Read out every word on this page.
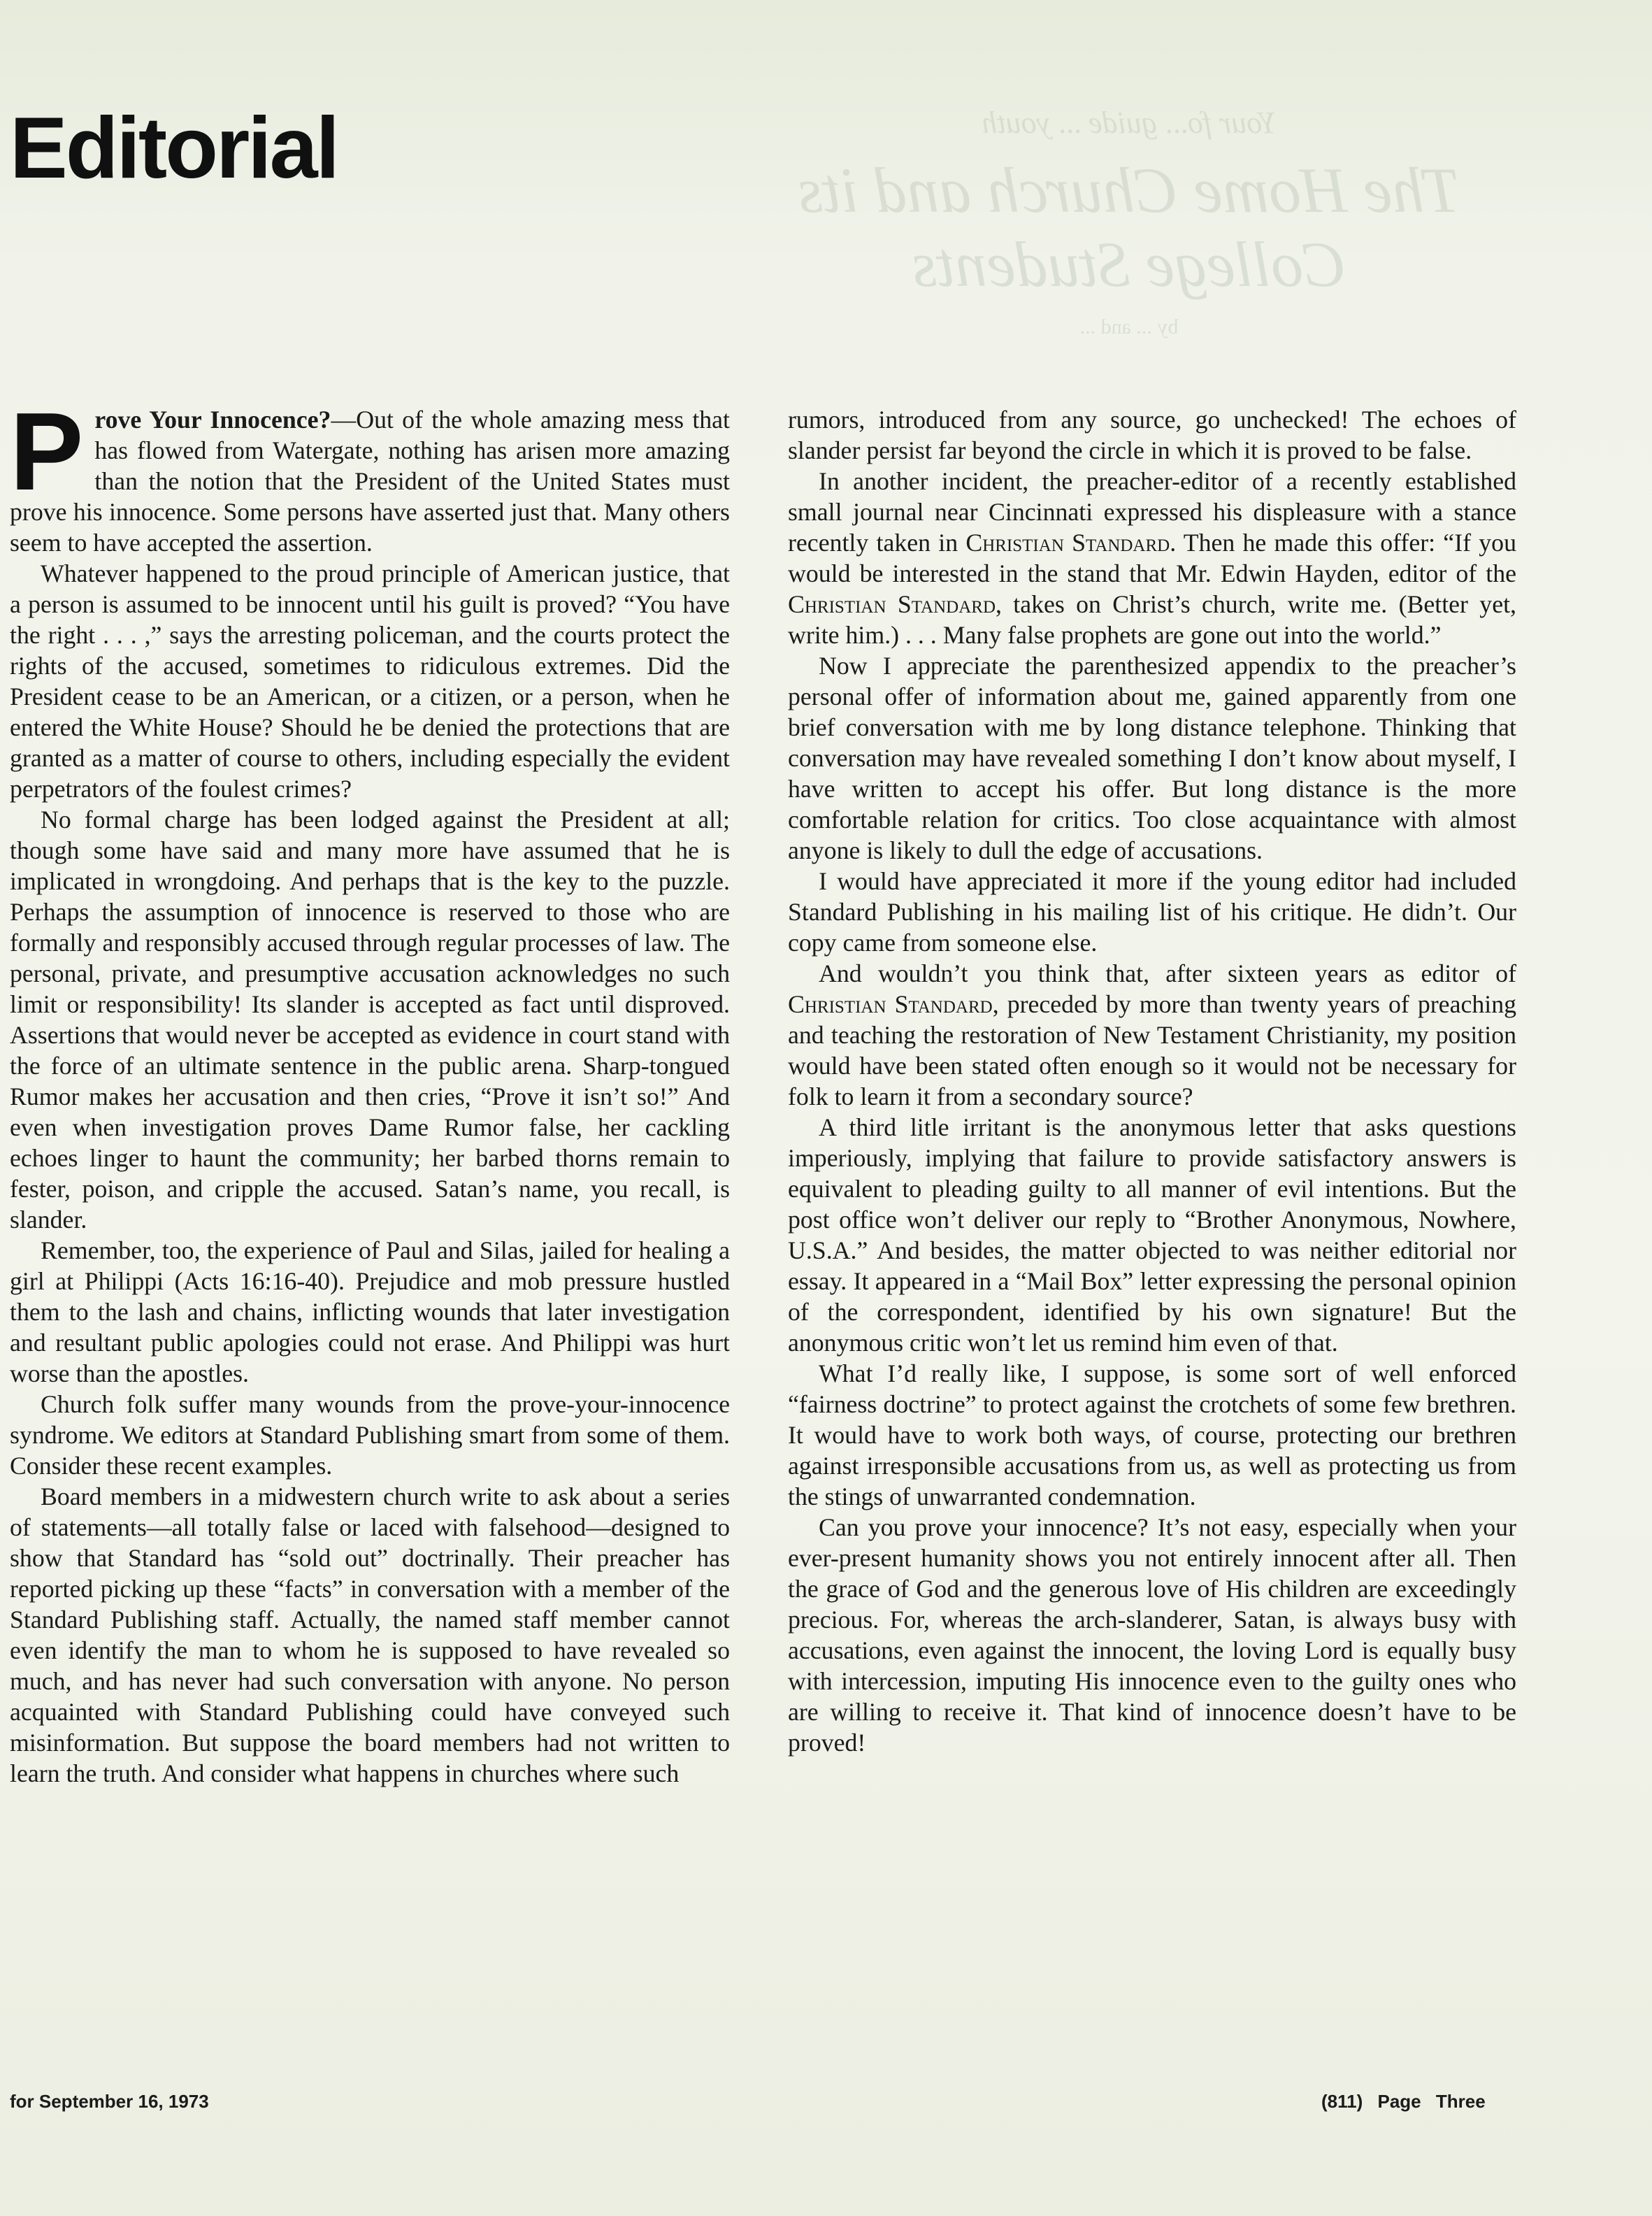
Your fo... guide ... youth
The Home Church and its College Students
by ... and ...
Editorial

Prove Your Innocence?—Out of the whole amazing mess that has flowed from Watergate, nothing has arisen more amazing than the notion that the President of the United States must prove his innocence. Some persons have asserted just that. Many others seem to have accepted the assertion.

Whatever happened to the proud principle of American justice, that a person is assumed to be innocent until his guilt is proved? “You have the right . . . ,” says the arresting policeman, and the courts protect the rights of the accused, sometimes to ridiculous extremes. Did the President cease to be an American, or a citizen, or a person, when he entered the White House? Should he be denied the protections that are granted as a matter of course to others, including especially the evident perpetrators of the foulest crimes?

No formal charge has been lodged against the President at all; though some have said and many more have assumed that he is implicated in wrongdoing. And perhaps that is the key to the puzzle. Perhaps the assumption of innocence is reserved to those who are formally and responsibly accused through regular processes of law. The personal, private, and presumptive accusation acknowledges no such limit or responsibility! Its slander is accepted as fact until disproved. Assertions that would never be accepted as evidence in court stand with the force of an ultimate sentence in the public arena. Sharp-tongued Rumor makes her accusation and then cries, “Prove it isn’t so!” And even when investigation proves Dame Rumor false, her cackling echoes linger to haunt the community; her barbed thorns remain to fester, poison, and cripple the accused. Satan’s name, you recall, is slander.

Remember, too, the experience of Paul and Silas, jailed for healing a girl at Philippi (Acts 16:16-40). Prejudice and mob pressure hustled them to the lash and chains, inflicting wounds that later investigation and resultant public apologies could not erase. And Philippi was hurt worse than the apostles.

Church folk suffer many wounds from the prove-your-innocence syndrome. We editors at Standard Publishing smart from some of them. Consider these recent examples.

Board members in a midwestern church write to ask about a series of statements—all totally false or laced with falsehood—designed to show that Standard has “sold out” doctrinally. Their preacher has reported picking up these “facts” in conversation with a member of the Standard Publishing staff. Actually, the named staff member cannot even identify the man to whom he is supposed to have revealed so much, and has never had such conversation with anyone. No person acquainted with Standard Publishing could have conveyed such misinformation. But suppose the board members had not written to learn the truth. And consider what happens in churches where such

rumors, introduced from any source, go unchecked! The echoes of slander persist far beyond the circle in which it is proved to be false.

In another incident, the preacher-editor of a recently established small journal near Cincinnati expressed his displeasure with a stance recently taken in Christian Standard. Then he made this offer: “If you would be interested in the stand that Mr. Edwin Hayden, editor of the Christian Standard, takes on Christ’s church, write me. (Better yet, write him.) . . . Many false prophets are gone out into the world.”

Now I appreciate the parenthesized appendix to the preacher’s personal offer of information about me, gained apparently from one brief conversation with me by long distance telephone. Thinking that conversation may have revealed something I don’t know about myself, I have written to accept his offer. But long distance is the more comfortable relation for critics. Too close acquaintance with almost anyone is likely to dull the edge of accusations.

I would have appreciated it more if the young editor had included Standard Publishing in his mailing list of his critique. He didn’t. Our copy came from someone else.

And wouldn’t you think that, after sixteen years as editor of Christian Standard, preceded by more than twenty years of preaching and teaching the restoration of New Testament Christianity, my position would have been stated often enough so it would not be necessary for folk to learn it from a secondary source?

A third litle irritant is the anonymous letter that asks questions imperiously, implying that failure to provide satisfactory answers is equivalent to pleading guilty to all manner of evil intentions. But the post office won’t deliver our reply to “Brother Anonymous, Nowhere, U.S.A.” And besides, the matter objected to was neither editorial nor essay. It appeared in a “Mail Box” letter expressing the personal opinion of the correspondent, identified by his own signature! But the anonymous critic won’t let us remind him even of that.

What I’d really like, I suppose, is some sort of well enforced “fairness doctrine” to protect against the crotchets of some few brethren. It would have to work both ways, of course, protecting our brethren against irresponsible accusations from us, as well as protecting us from the stings of unwarranted condemnation.

Can you prove your innocence? It’s not easy, especially when your ever-present humanity shows you not entirely innocent after all. Then the grace of God and the generous love of His children are exceedingly precious. For, whereas the arch-slanderer, Satan, is always busy with accusations, even against the innocent, the loving Lord is equally busy with intercession, imputing His innocence even to the guilty ones who are willing to receive it. That kind of innocence doesn’t have to be proved!

for September 16, 1973	(811) Page Three
